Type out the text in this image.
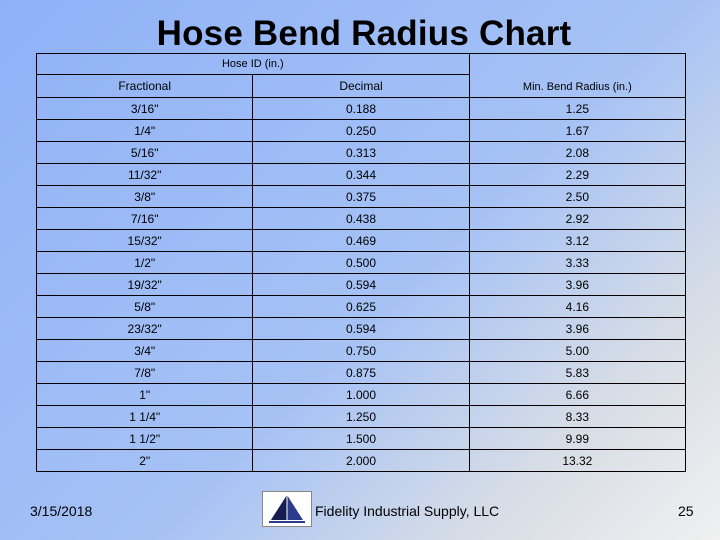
Hose Bend Radius Chart
Hose ID (in.)		Min. Bend Radius (in.)
Fractional	Decimal	
3/16"	0.188	1.25
1/4"	0.250	1.67
5/16"	0.313	2.08
11/32"	0.344	2.29
3/8"	0.375	2.50
7/16"	0.438	2.92
15/32"	0.469	3.12
1/2"	0.500	3.33
19/32"	0.594	3.96
5/8"	0.625	4.16
23/32"	0.594	3.96
3/4"	0.750	5.00
7/8"	0.875	5.83
1"	1.000	6.66
1 1/4"	1.250	8.33
1 1/2"	1.500	9.99
2"	2.000	13.32
3/15/2018	Fidelity Industrial Supply, LLC	25
